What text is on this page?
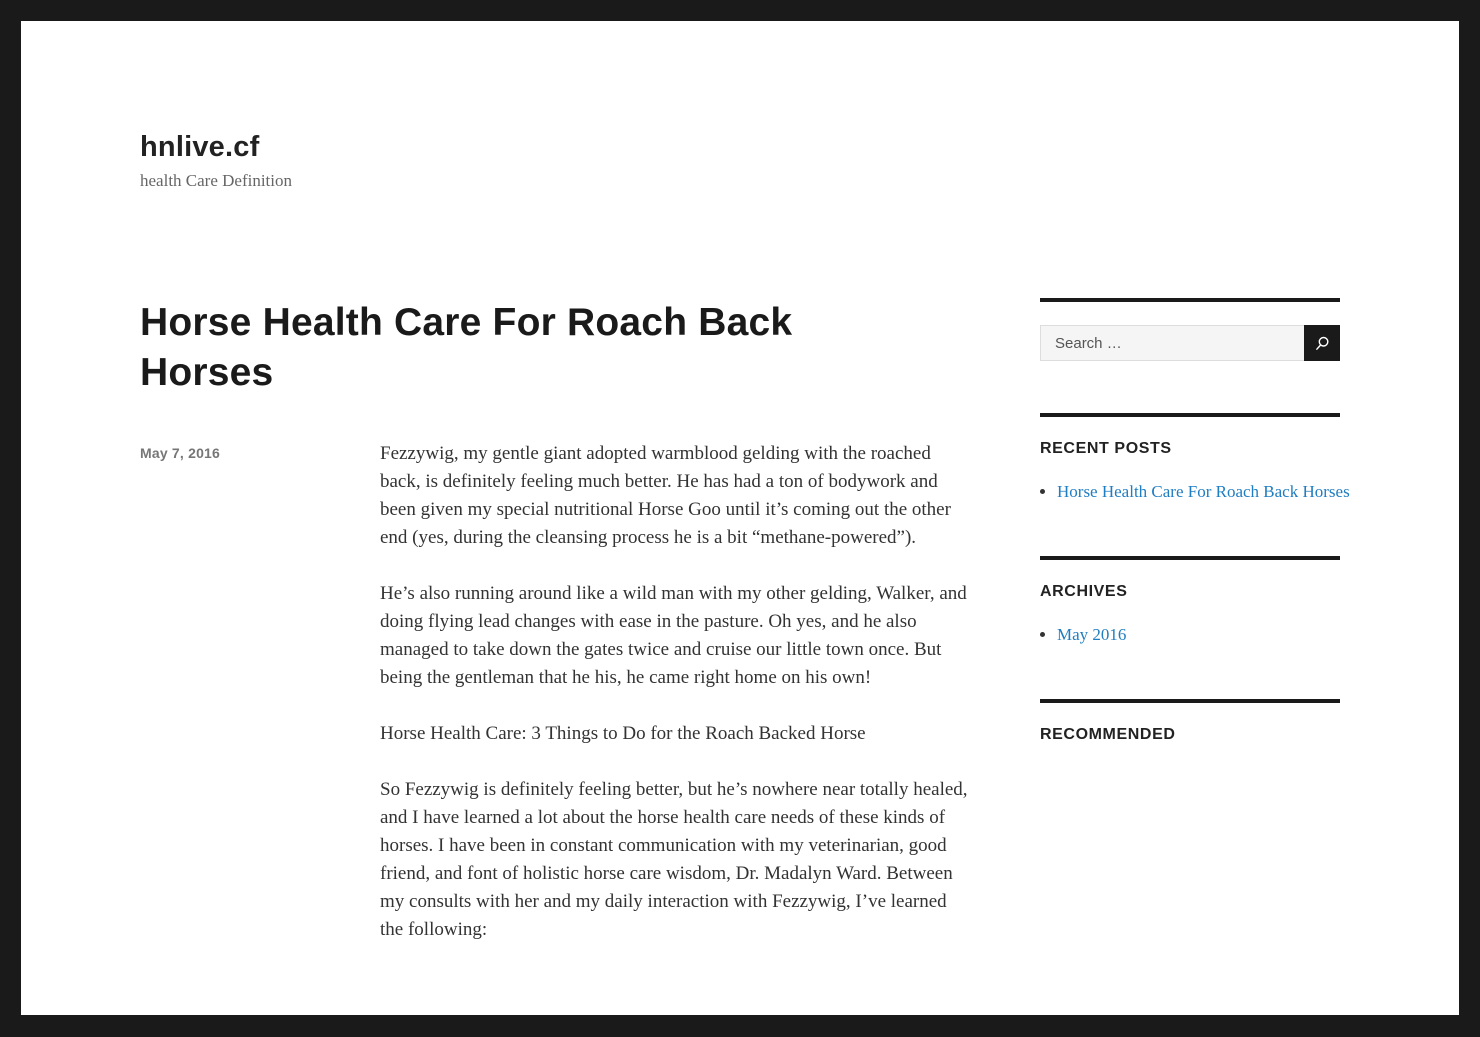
hnlive.cf
health Care Definition
Horse Health Care For Roach Back Horses
May 7, 2016	Fezzywig, my gentle giant adopted warmblood gelding with the roached back, is definitely feeling much better. He has had a ton of bodywork and been given my special nutritional Horse Goo until it’s coming out the other end (yes, during the cleansing process he is a bit “methane-powered”).

He’s also running around like a wild man with my other gelding, Walker, and doing flying lead changes with ease in the pasture. Oh yes, and he also managed to take down the gates twice and cruise our little town once. But being the gentleman that he his, he came right home on his own!

Horse Health Care: 3 Things to Do for the Roach Backed Horse

So Fezzywig is definitely feeling better, but he’s nowhere near totally healed, and I have learned a lot about the horse health care needs of these kinds of horses. I have been in constant communication with my veterinarian, good friend, and font of holistic horse care wisdom, Dr. Madalyn Ward. Between my consults with her and my daily interaction with Fezzywig, I’ve learned the following:

Search …
RECENT POSTS
• Horse Health Care For Roach Back Horses
ARCHIVES
• May 2016
RECOMMENDED
